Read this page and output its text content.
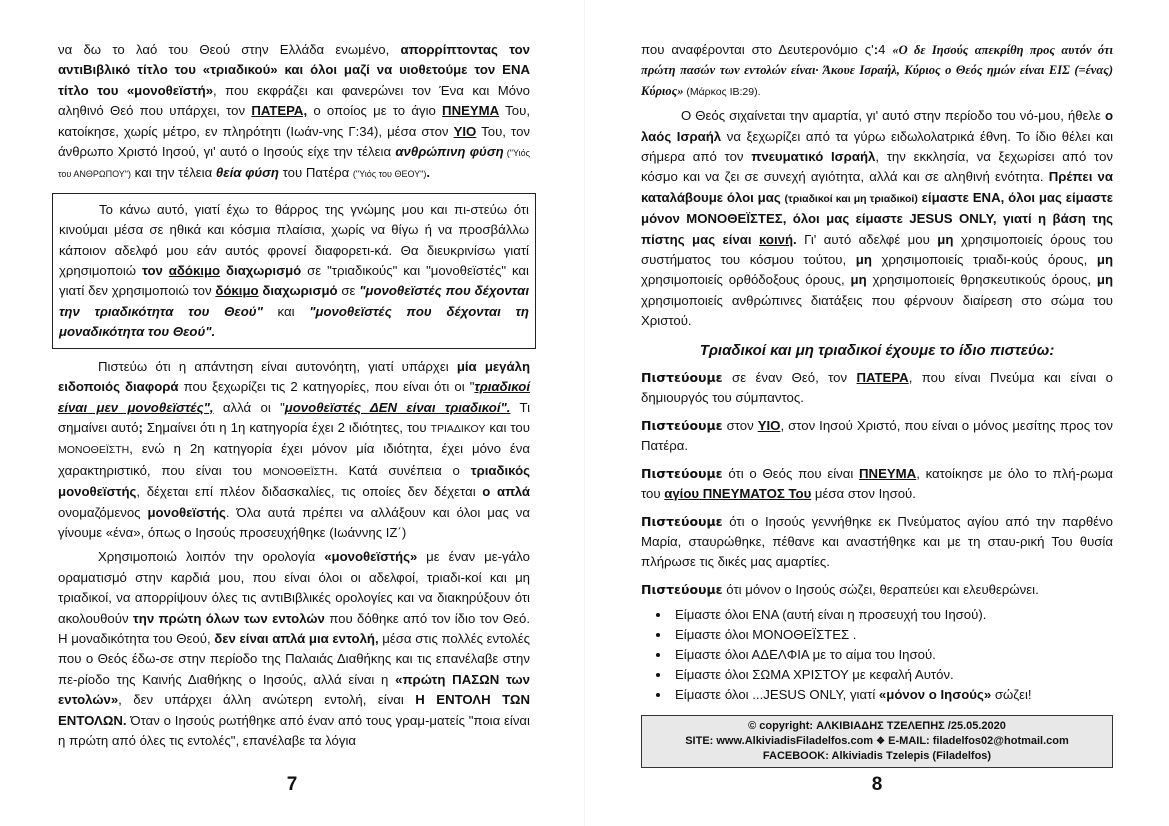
να δω το λαό του Θεού στην Ελλάδα ενωμένο, απορρίπτοντας τον αντιΒιβλικό τίτλο του «τριαδικού» και όλοι μαζί να υιοθετούμε τον ΕΝΑ τίτλο του «μονοθεϊστή», που εκφράζει και φανερώνει τον Ένα και Μόνο αληθινό Θεό που υπάρχει, τον ΠΑΤΕΡΑ, ο οποίος με το άγιο ΠΝΕΥΜΑ Του, κατοίκησε, χωρίς μέτρο, εν πληρότητι (Ιωάν-νης Γ:34), μέσα στον ΥΙΟ Του, τον άνθρωπο Χριστό Ιησού, γι' αυτό ο Ιησούς είχε την τέλεια ανθρώπινη φύση ("Υιός του ΑΝΘΡΩΠΟΥ") και την τέλεια θεία φύση του Πατέρα ("Υιός του ΘΕΟΥ").

Το κάνω αυτό, γιατί έχω το θάρρος της γνώμης μου και πι-στεύω ότι κινούμαι μέσα σε ηθικά και κόσμια πλαίσια, χωρίς να θίγω ή να προσβάλλω κάποιον αδελφό μου εάν αυτός φρονεί διαφορετι-κά. Θα διευκρινίσω γιατί χρησιμοποιώ τον αδόκιμο διαχωρισμό σε "τριαδικούς" και "μονοθεϊστές" και γιατί δεν χρησιμοποιώ τον δόκιμο διαχωρισμό σε "μονοθεϊστές που δέχονται την τριαδικότητα του Θεού" και "μονοθεϊστές που δέχονται τη μοναδικότητα του Θεού".

Πιστεύω ότι η απάντηση είναι αυτονόητη, γιατί υπάρχει μία μεγάλη ειδοποιός διαφορά που ξεχωρίζει τις 2 κατηγορίες, που είναι ότι οι "τριαδικοί είναι μεν μονοθεϊστές", αλλά οι "μονοθεϊστές ΔΕΝ είναι τριαδικοί". Τι σημαίνει αυτό; Σημαίνει ότι η 1η κατηγορία έχει 2 ιδιότητες, του ΤΡΙΑΔΙΚΟΥ και του ΜΟΝΟΘΕΪΣΤΗ, ενώ η 2η κατηγορία έχει μόνον μία ιδιότητα, έχει μόνο ένα χαρακτηριστικό, που είναι του ΜΟΝΟΘΕΪΣΤΗ. Κατά συνέπεια ο τριαδικός μονοθεϊστής, δέχεται επί πλέον διδασκαλίες, τις οποίες δεν δέχεται ο απλά ονομαζόμενος μονοθεϊστής. Όλα αυτά πρέπει να αλλάξουν και όλοι μας να γίνουμε «ένα», όπως ο Ιησούς προσευχήθηκε (Ιωάννης ΙΖ΄)

Χρησιμοποιώ λοιπόν την ορολογία «μονοθεϊστής» με έναν με-γάλο οραματισμό στην καρδιά μου, που είναι όλοι οι αδελφοί, τριαδι-κοί και μη τριαδικοί, να απορρίψουν όλες τις αντιΒιβλικές ορολογίες και να διακηρύξουν ότι ακολουθούν την πρώτη όλων των εντολών που δόθηκε από τον ίδιο τον Θεό. Η μοναδικότητα του Θεού, δεν είναι απλά μια εντολή, μέσα στις πολλές εντολές που ο Θεός έδω-σε στην περίοδο της Παλαιάς Διαθήκης και τις επανέλαβε στην πε-ρίοδο της Καινής Διαθήκης ο Ιησούς, αλλά είναι η «πρώτη ΠΑΣΩΝ των εντολών», δεν υπάρχει άλλη ανώτερη εντολή, είναι Η ΕΝΤΟΛΗ ΤΩΝ ΕΝΤΟΛΩΝ. Όταν ο Ιησούς ρωτήθηκε από έναν από τους γραμ-ματείς "ποια είναι η πρώτη από όλες τις εντολές", επανέλαβε τα λόγια

7

που αναφέρονται στο Δευτερονόμιο ς':4 «Ο δε Ιησούς απεκρίθη προς αυτόν ότι πρώτη πασών των εντολών είναι· Άκουε Ισραήλ, Κύριος ο Θεός ημών είναι ΕΙΣ (=ένας) Κύριος» (Μάρκος ΙΒ:29).

Ο Θεός σιχαίνεται την αμαρτία, γι' αυτό στην περίοδο του νό-μου, ήθελε ο λαός Ισραήλ να ξεχωρίζει από τα γύρω ειδωλολατρικά έθνη. Το ίδιο θέλει και σήμερα από τον πνευματικό Ισραήλ, την εκκλησία, να ξεχωρίσει από τον κόσμο και να ζει σε συνεχή αγιότητα, αλλά και σε αληθινή ενότητα. Πρέπει να καταλάβουμε όλοι μας (τριαδικοί και μη τριαδικοί) είμαστε ΕΝΑ, όλοι μας είμαστε μόνον ΜΟΝΟΘΕΪΣΤΕΣ, όλοι μας είμαστε JESUS ONLY, γιατί η βάση της πίστης μας είναι κοινή. Γι' αυτό αδελφέ μου μη χρησιμοποιείς όρους του συστήματος του κόσμου τούτου, μη χρησιμοποιείς τριαδι-κούς όρους, μη χρησιμοποιείς ορθόδοξους όρους, μη χρησιμοποιείς θρησκευτικούς όρους, μη χρησιμοποιείς ανθρώπινες διατάξεις που φέρνουν διαίρεση στο σώμα του Χριστού.

Τριαδικοί και μη τριαδικοί έχουμε το ίδιο πιστεύω:

Πιστεύουμε σε έναν Θεό, τον ΠΑΤΕΡΑ, που είναι Πνεύμα και είναι ο δημιουργός του σύμπαντος.

Πιστεύουμε στον ΥΙΟ, στον Ιησού Χριστό, που είναι ο μόνος μεσίτης προς τον Πατέρα.

Πιστεύουμε ότι ο Θεός που είναι ΠΝΕΥΜΑ, κατοίκησε με όλο το πλή-ρωμα του αγίου ΠΝΕΥΜΑΤΟΣ Του μέσα στον Ιησού.

Πιστεύουμε ότι ο Ιησούς γεννήθηκε εκ Πνεύματος αγίου από την παρθένο Μαρία, σταυρώθηκε, πέθανε και αναστήθηκε και με τη σταυ-ρική Του θυσία πλήρωσε τις δικές μας αμαρτίες.

Πιστεύουμε ότι μόνον ο Ιησούς σώζει, θεραπεύει και ελευθερώνει.

• Είμαστε όλοι ΕΝΑ (αυτή είναι η προσευχή του Ιησού).
• Είμαστε όλοι ΜΟΝΟΘΕΪΣΤΕΣ .
• Είμαστε όλοι ΑΔΕΛΦΙΑ με το αίμα του Ιησού.
• Είμαστε όλοι ΣΩΜΑ ΧΡΙΣΤΟΥ με κεφαλή Αυτόν.
• Είμαστε όλοι ...JESUS ONLY, γιατί «μόνον ο Ιησούς» σώζει!
© copyright: ΑΛΚΙΒΙΑΔΗΣ ΤΖΕΛΕΠΗΣ /25.05.2020
SITE: www.AlkiviadisFiladelfos.com ❖ E-MAIL: filadelfos02@hotmail.com
FACEBOOK: Alkiviadis Tzelepis (Filadelfos)
8
